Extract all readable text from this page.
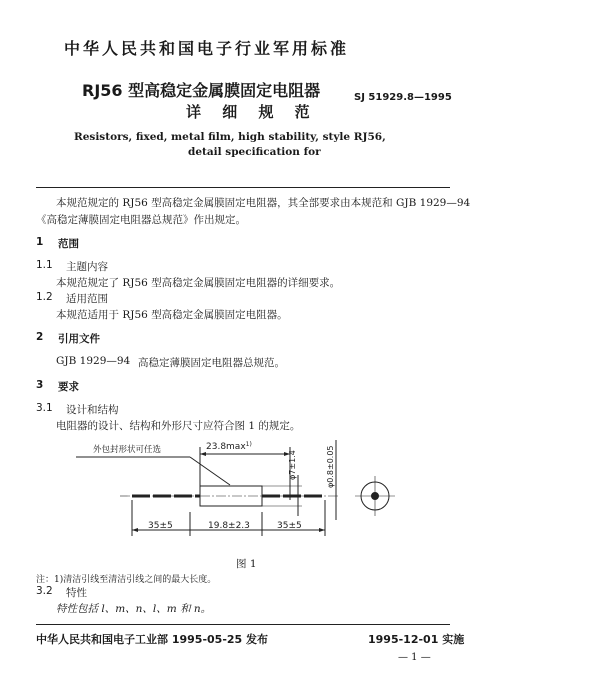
中华人民共和国电子行业军用标准
RJ56 型高稳定金属膜固定电阻器
详 细 规 范
SJ 51929.8—1995
Resistors, fixed, metal film, high stability, style RJ56,
detail specification for
本规范规定的 RJ56 型高稳定金属膜固定电阻器，其全部要求由本规范和 GJB 1929—94
《高稳定薄膜固定电阻器总规范》作出规定。
1 范围
1.1 主题内容
本规范规定了 RJ56 型高稳定金属膜固定电阻器的详细要求。
1.2 适用范围
本规范适用于 RJ56 型高稳定金属膜固定电阻器。
2 引用文件
GJB 1929—94 高稳定薄膜固定电阻器总规范。
3 要求
3.1 设计和结构
电阻器的设计、结构和外形尺寸应符合图 1 的规定。
外包封形状可任选	$23.8\max^{1)}$
35±5	19.8±2.3	35±5
φ7±1.4	φ0.8±0.05
图 1
注：1)清洁引线至清洁引线之间的最大长度。
3.2 特性
特性包括 l、m、n、l、m 和 n。
中华人民共和国电子工业部 1995-05-25 发布	1995-12-01 实施
— 1 —
